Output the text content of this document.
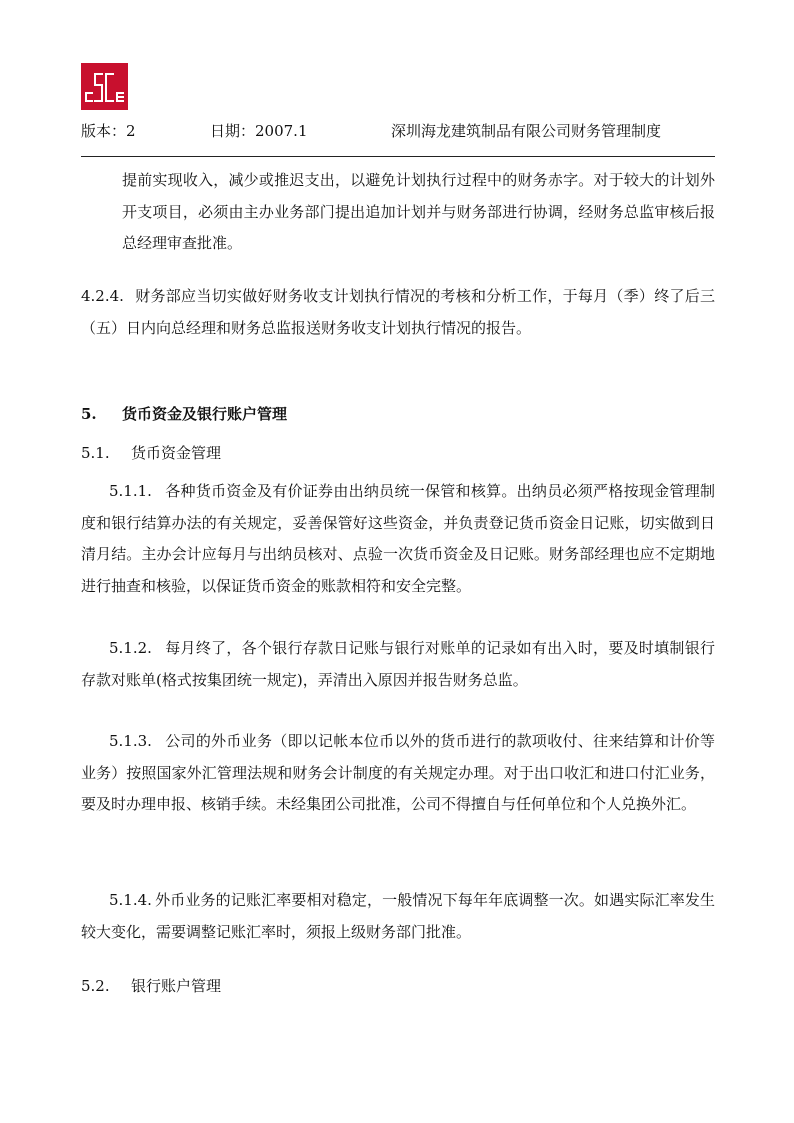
版本：2	日期：2007.1	深圳海龙建筑制品有限公司财务管理制度

提前实现收入，减少或推迟支出，以避免计划执行过程中的财务赤字。对于较大的计划外开支项目，必须由主办业务部门提出追加计划并与财务部进行协调，经财务总监审核后报总经理审查批准。

4.2.4. 财务部应当切实做好财务收支计划执行情况的考核和分析工作，于每月（季）终了后三（五）日内向总经理和财务总监报送财务收支计划执行情况的报告。

5. 货币资金及银行账户管理
5.1. 货币资金管理

5.1.1. 各种货币资金及有价证券由出纳员统一保管和核算。出纳员必须严格按现金管理制度和银行结算办法的有关规定，妥善保管好这些资金，并负责登记货币资金日记账，切实做到日清月结。主办会计应每月与出纳员核对、点验一次货币资金及日记账。财务部经理也应不定期地进行抽查和核验，以保证货币资金的账款相符和安全完整。

5.1.2. 每月终了，各个银行存款日记账与银行对账单的记录如有出入时，要及时填制银行存款对账单(格式按集团统一规定)，弄清出入原因并报告财务总监。

5.1.3. 公司的外币业务（即以记帐本位币以外的货币进行的款项收付、往来结算和计价等业务）按照国家外汇管理法规和财务会计制度的有关规定办理。对于出口收汇和进口付汇业务，要及时办理申报、核销手续。未经集团公司批准，公司不得擅自与任何单位和个人兑换外汇。

5.1.4. 外币业务的记账汇率要相对稳定，一般情况下每年年底调整一次。如遇实际汇率发生较大变化，需要调整记账汇率时，须报上级财务部门批准。

5.2. 银行账户管理
